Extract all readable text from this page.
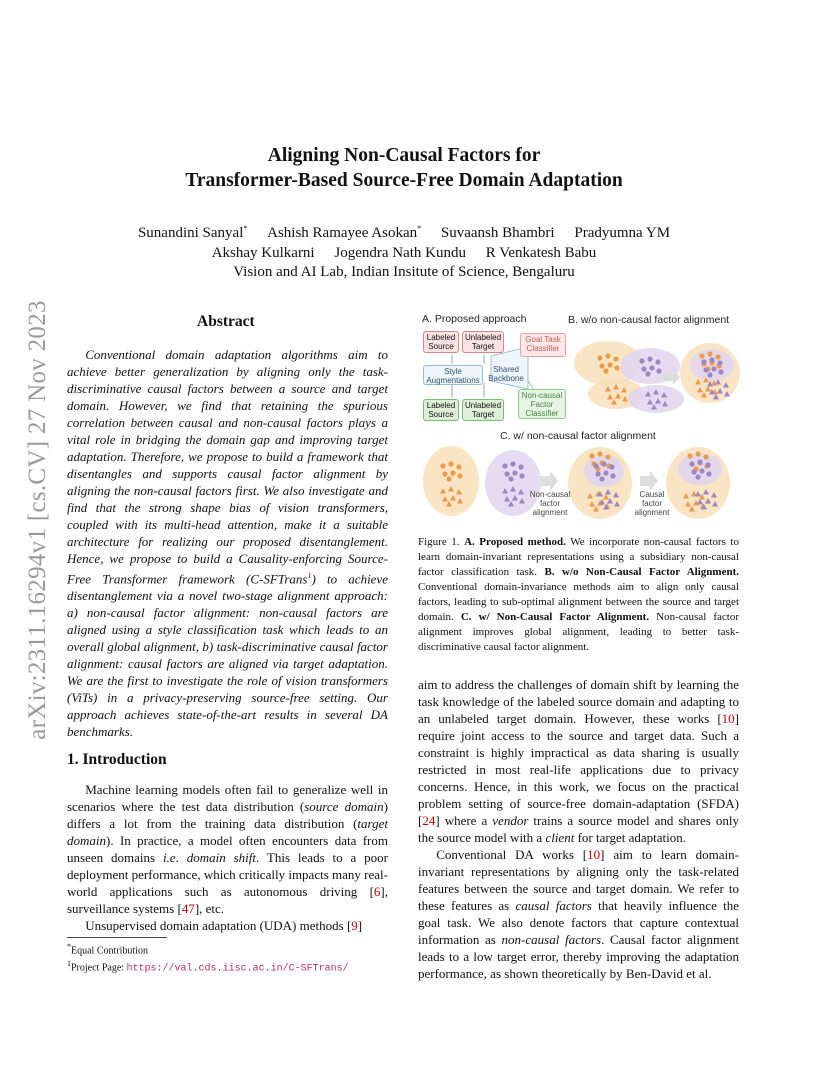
arXiv:2311.16294v1 [cs.CV] 27 Nov 2023
Aligning Non-Causal Factors for
Transformer-Based Source-Free Domain Adaptation
Sunandini Sanyal* Ashish Ramayee Asokan* Suvaansh Bhambri Pradyumna YM
Akshay Kulkarni Jogendra Nath Kundu R Venkatesh Babu
Vision and AI Lab, Indian Insitute of Science, Bengaluru
Abstract
Conventional domain adaptation algorithms aim to achieve better generalization by aligning only the task-discriminative causal factors between a source and target domain. However, we find that retaining the spurious correlation between causal and non-causal factors plays a vital role in bridging the domain gap and improving target adaptation. Therefore, we propose to build a framework that disentangles and supports causal factor alignment by aligning the non-causal factors first. We also investigate and find that the strong shape bias of vision transformers, coupled with its multi-head attention, make it a suitable architecture for realizing our proposed disentanglement. Hence, we propose to build a Causality-enforcing Source-Free Transformer framework (C-SFTrans$^1$) to achieve disentanglement via a novel two-stage alignment approach: a) non-causal factor alignment: non-causal factors are aligned using a style classification task which leads to an overall global alignment, b) task-discriminative causal factor alignment: causal factors are aligned via target adaptation. We are the first to investigate the role of vision transformers (ViTs) in a privacy-preserving source-free setting. Our approach achieves state-of-the-art results in several DA benchmarks.
1. Introduction

Machine learning models often fail to generalize well in scenarios where the test data distribution (source domain) differs a lot from the training data distribution (target domain). In practice, a model often encounters data from unseen domains i.e. domain shift. This leads to a poor deployment performance, which critically impacts many real-world applications such as autonomous driving [6], surveillance systems [47], etc.

Unsupervised domain adaptation (UDA) methods [9]

*Equal Contribution
$^1$Project Page: https://val.cds.iisc.ac.in/C-SFTrans/
A. Proposed approach	B. w/o non-causal factor alignment
C. w/ non-causal factor alignment
Labeled Source
Unlabeled Target
Goal Task Classifier
Style Augmentations
Shared Backbone
Labeled Source
Unlabeled Target
Non-causal Factor Classifier
Non-causal factor alignment
Causal factor alignment
Figure 1. A. Proposed method. We incorporate non-causal factors to learn domain-invariant representations using a subsidiary non-causal factor classification task. B. w/o Non-Causal Factor Alignment. Conventional domain-invariance methods aim to align only causal factors, leading to sub-optimal alignment between the source and target domain. C. w/ Non-Causal Factor Alignment. Non-causal factor alignment improves global alignment, leading to better task-discriminative causal factor alignment.

aim to address the challenges of domain shift by learning the task knowledge of the labeled source domain and adapting to an unlabeled target domain. However, these works [10] require joint access to the source and target data. Such a constraint is highly impractical as data sharing is usually restricted in most real-life applications due to privacy concerns. Hence, in this work, we focus on the practical problem setting of source-free domain-adaptation (SFDA) [24] where a vendor trains a source model and shares only the source model with a client for target adaptation.

Conventional DA works [10] aim to learn domain-invariant representations by aligning only the task-related features between the source and target domain. We refer to these features as causal factors that heavily influence the goal task. We also denote factors that capture contextual information as non-causal factors. Causal factor alignment leads to a low target error, thereby improving the adaptation performance, as shown theoretically by Ben-David et al.
